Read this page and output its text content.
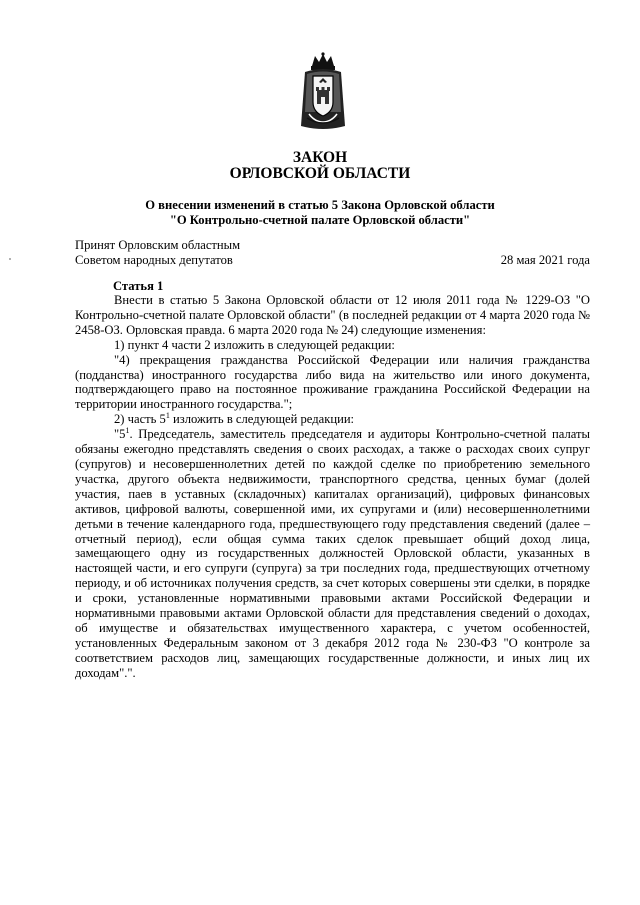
ЗАКОН
ОРЛОВСКОЙ ОБЛАСТИ
О внесении изменений в статью 5 Закона Орловской области
"О Контрольно-счетной палате Орловской области"
Принят Орловским областным
Советом народных депутатов	28 мая 2021 года
Статья 1

Внести в статью 5 Закона Орловской области от 12 июля 2011 года № 1229-ОЗ "О Контрольно-счетной палате Орловской области" (в последней редакции от 4 марта 2020 года № 2458-ОЗ. Орловская правда. 6 марта 2020 года № 24) следующие изменения:

1) пункт 4 части 2 изложить в следующей редакции:

"4) прекращения гражданства Российской Федерации или наличия гражданства (подданства) иностранного государства либо вида на жительство или иного документа, подтверждающего право на постоянное проживание гражданина Российской Федерации на территории иностранного государства.";

2) часть $5^1$ изложить в следующей редакции:

"$5^1$. Председатель, заместитель председателя и аудиторы Контрольно-счетной палаты обязаны ежегодно представлять сведения о своих расходах, а также о расходах своих супруг (супругов) и несовершеннолетних детей по каждой сделке по приобретению земельного участка, другого объекта недвижимости, транспортного средства, ценных бумаг (долей участия, паев в уставных (складочных) капиталах организаций), цифровых финансовых активов, цифровой валюты, совершенной ими, их супругами и (или) несовершеннолетними детьми в течение календарного года, предшествующего году представления сведений (далее – отчетный период), если общая сумма таких сделок превышает общий доход лица, замещающего одну из государственных должностей Орловской области, указанных в настоящей части, и его супруги (супруга) за три последних года, предшествующих отчетному периоду, и об источниках получения средств, за счет которых совершены эти сделки, в порядке и сроки, установленные нормативными правовыми актами Российской Федерации и нормативными правовыми актами Орловской области для представления сведений о доходах, об имуществе и обязательствах имущественного характера, с учетом особенностей, установленных Федеральным законом от 3 декабря 2012 года № 230-ФЗ "О контроле за соответствием расходов лиц, замещающих государственные должности, и иных лиц их доходам".".
